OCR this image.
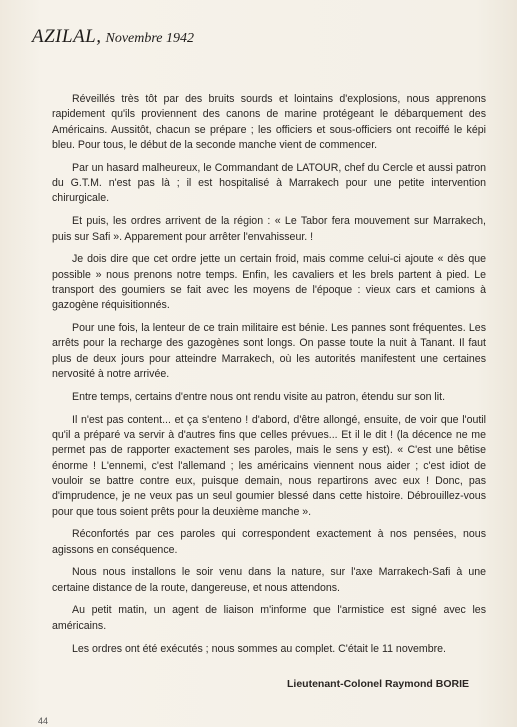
AZILAL, Novembre 1942

Réveillés très tôt par des bruits sourds et lointains d'explosions, nous apprenons rapidement qu'ils proviennent des canons de marine protégeant le débarquement des Américains. Aussitôt, chacun se prépare ; les officiers et sous-officiers ont recoiffé le képi bleu. Pour tous, le début de la seconde manche vient de commencer.

Par un hasard malheureux, le Commandant de LATOUR, chef du Cercle et aussi patron du G.T.M. n'est pas là ; il est hospitalisé à Marrakech pour une petite intervention chirurgicale.

Et puis, les ordres arrivent de la région : « Le Tabor fera mouvement sur Marrakech, puis sur Safi ». Apparement pour arrêter l'envahisseur. !

Je dois dire que cet ordre jette un certain froid, mais comme celui-ci ajoute « dès que possible » nous prenons notre temps. Enfin, les cavaliers et les brels partent à pied. Le transport des goumiers se fait avec les moyens de l'époque : vieux cars et camions à gazogène réquisitionnés.

Pour une fois, la lenteur de ce train militaire est bénie. Les pannes sont fréquentes. Les arrêts pour la recharge des gazogènes sont longs. On passe toute la nuit à Tanant. Il faut plus de deux jours pour atteindre Marrakech, où les autorités manifestent une certaines nervosité à notre arrivée.

Entre temps, certains d'entre nous ont rendu visite au patron, étendu sur son lit.

Il n'est pas content... et ça s'enteno ! d'abord, d'être allongé, ensuite, de voir que l'outil qu'il a préparé va servir à d'autres fins que celles prévues... Et il le dit ! (la décence ne me permet pas de rapporter exactement ses paroles, mais le sens y est). « C'est une bêtise énorme ! L'ennemi, c'est l'allemand ; les américains viennent nous aider ; c'est idiot de vouloir se battre contre eux, puisque demain, nous repartirons avec eux ! Donc, pas d'imprudence, je ne veux pas un seul goumier blessé dans cette histoire. Débrouillez-vous pour que tous soient prêts pour la deuxième manche ».

Réconfortés par ces paroles qui correspondent exactement à nos pensées, nous agissons en conséquence.

Nous nous installons le soir venu dans la nature, sur l'axe Marrakech-Safi à une certaine distance de la route, dangereuse, et nous attendons.

Au petit matin, un agent de liaison m'informe que l'armistice est signé avec les américains.

Les ordres ont été exécutés ; nous sommes au complet. C'était le 11 novembre.

Lieutenant-Colonel Raymond BORIE
44
